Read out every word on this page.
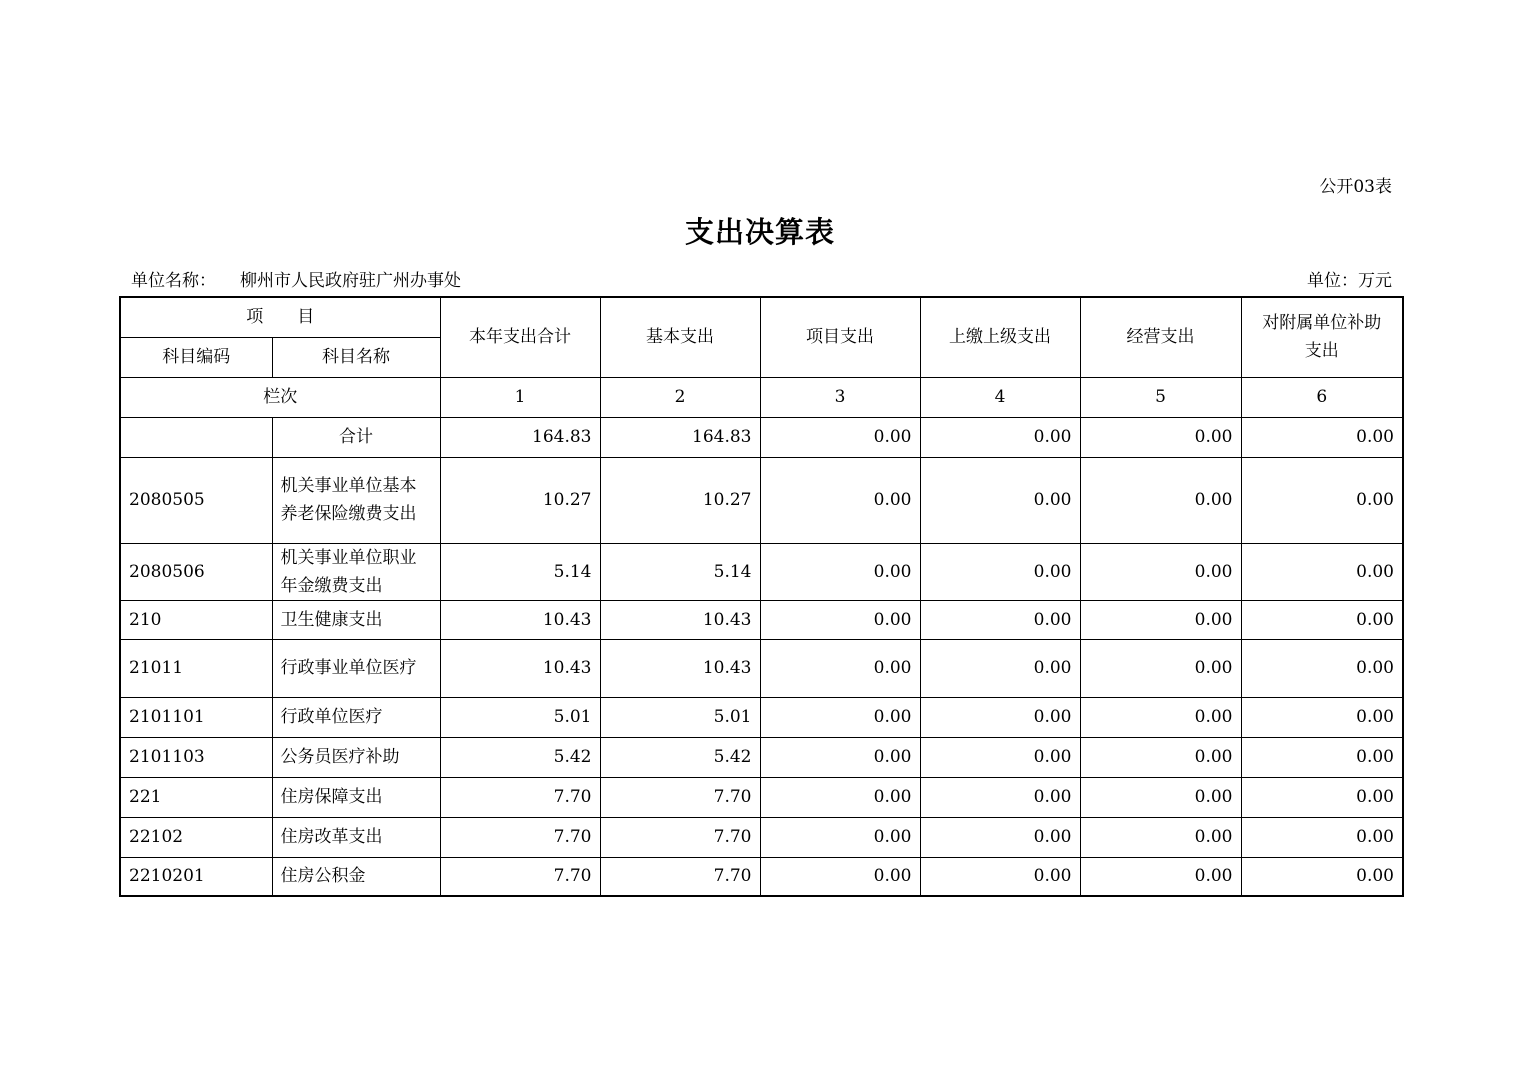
公开03表
支出决算表
单位名称： 柳州市人民政府驻广州办事处	单位：万元
项　　目		本年支出合计	基本支出	项目支出	上缴上级支出	经营支出	对附属单位补助
支出

科目编码	科目名称						
栏次		1	2	3	4	5	6
	合计	164.83	164.83	0.00	0.00	0.00	0.00
2080505	机关事业单位基本养老保险缴费支出	10.27	10.27	0.00	0.00	0.00	0.00
2080506	机关事业单位职业年金缴费支出	5.14	5.14	0.00	0.00	0.00	0.00
210	卫生健康支出	10.43	10.43	0.00	0.00	0.00	0.00
21011	行政事业单位医疗	10.43	10.43	0.00	0.00	0.00	0.00
2101101	行政单位医疗	5.01	5.01	0.00	0.00	0.00	0.00
2101103	公务员医疗补助	5.42	5.42	0.00	0.00	0.00	0.00
221	住房保障支出	7.70	7.70	0.00	0.00	0.00	0.00
22102	住房改革支出	7.70	7.70	0.00	0.00	0.00	0.00
2210201	住房公积金	7.70	7.70	0.00	0.00	0.00	0.00
